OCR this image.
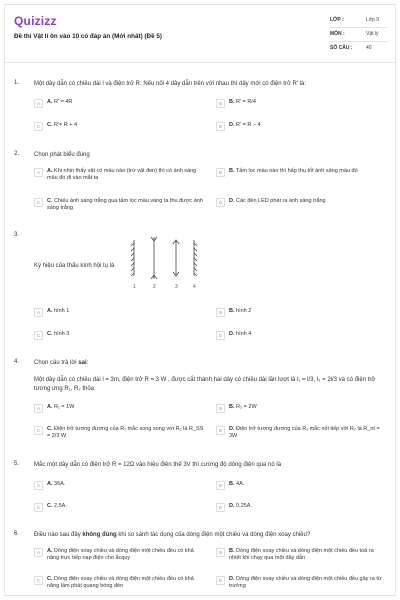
Quizizz
Đề thi Vật lí ôn vào 10 có đáp án (Mới nhất) (Đề 5)
LỚP :	Lớp 9
MÔN :	Vật lý
SỐ CÂU :	40
1. Một dây dẫn có chiều dài l và điện trở R. Nếu nối 4 dây dẫn trên với nhau thì dây mới có điện trở R' là:
A	A. R' = 4R	B	B. R' = R/4
C	C. R'= R + 4	D	D. R' = R − 4
2. Chọn phát biểu đúng
A	A. Khi nhìn thấy vật có màu nào (trừ vật đen) thì có ánh sáng màu đó đi vào mắt ta
B	B. Tấm lọc màu nào thì hấp thụ tốt ánh sáng màu đó
C	C. Chiếu ánh sáng trắng qua tấm lọc màu vàng ta thu được ánh sáng trắng
D	D. Các đèn LED phát ra ánh sáng trắng
3.
Ký hiệu của thấu kính hội tụ là
1	2	3	4
A	A. hình 1	B	B. hình 2
C	C. hình 3	D	D. hình 4
4. Chọn câu trả lời sai:
Một dây dẫn có chiều dài l = 3m, điện trở R = 3 W , được cắt thành hai dây có chiều dài lần lượt là l₁ = l/3, l₂ = 2l/3 và có điện trở tương ứng R₁, R₂ thỏa
A	A. R₁ = 1W	B	B. R₂ = 2W
C	C. Điện trở tương đương của R₁ mắc song song với R₂ là R_SS = 2/3 W
D	D. Điện trở tương đương của R₁ mắc nối tiếp với R₂ là R_nt = 3W
5. Mắc một dây dẫn có điện trở R = 12Ω vào hiệu điện thế 3V thì cường độ dòng điện qua nó là
A	A. 36A.	B	B. 4A.
C	C. 2,5A.	D	D. 0,25A.
6. Điều nào sau đây không đúng khi so sánh tác dụng của dòng điện một chiều và dòng điện xoay chiều?
A	A. Dòng điện xoay chiều và dòng điện một chiều đều có khả năng trực tiếp nạp điện cho ắcquy
B	B. Dòng điện xoay chiều và dòng điện một chiều đều toả ra nhiệt khi chạy qua một dây dẫn
C	C. Dòng điện xoay chiều và dòng điện một chiều đều có khả năng làm phát quang bóng đèn
D	D. Dòng điện xoay chiều và dòng điện một chiều đều gây ra từ trường
